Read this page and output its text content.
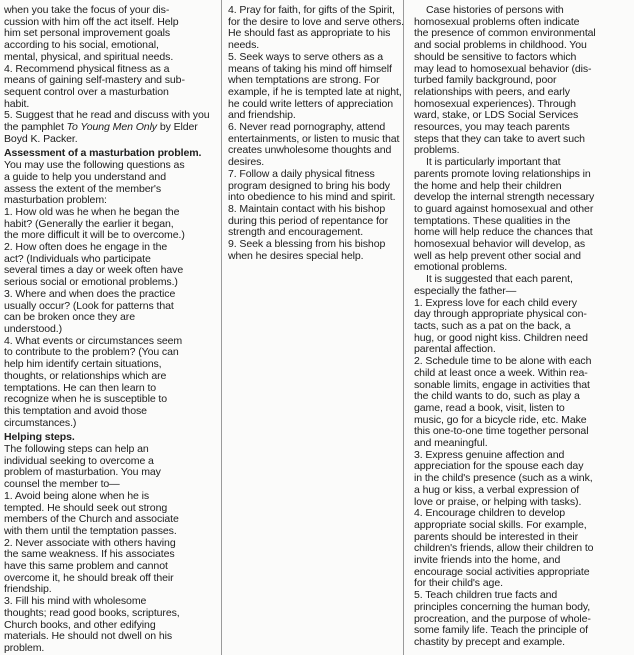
when you take the focus of your dis-

cussion with him off the act itself. Help

him set personal improvement goals

according to his social, emotional,

mental, physical, and spiritual needs.

4. Recommend physical fitness as a

means of gaining self-mastery and sub-

sequent control over a masturbation

habit.

5. Suggest that he read and discuss with you the pamphlet To Young Men Only by Elder Boyd K. Packer.

Assessment of a masturbation problem.

You may use the following questions as

a guide to help you understand and

assess the extent of the member's

masturbation problem:

1. How old was he when he began the

habit? (Generally the earlier it began,

the more difficult it will be to overcome.)

2. How often does he engage in the

act? (Individuals who participate

several times a day or week often have

serious social or emotional problems.)

3. Where and when does the practice

usually occur? (Look for patterns that

can be broken once they are

understood.)

4. What events or circumstances seem

to contribute to the problem? (You can

help him identify certain situations,

thoughts, or relationships which are

temptations. He can then learn to

recognize when he is susceptible to

this temptation and avoid those

circumstances.)

Helping steps.

The following steps can help an

individual seeking to overcome a

problem of masturbation. You may

counsel the member to—

1. Avoid being alone when he is

tempted. He should seek out strong

members of the Church and associate

with them until the temptation passes.

2. Never associate with others having

the same weakness. If his associates

have this same problem and cannot

overcome it, he should break off their

friendship.

3. Fill his mind with wholesome

thoughts; read good books, scriptures,

Church books, and other edifying

materials. He should not dwell on his

problem.

4. Pray for faith, for gifts of the Spirit,

for the desire to love and serve others.

He should fast as appropriate to his

needs.

5. Seek ways to serve others as a

means of taking his mind off himself

when temptations are strong. For

example, if he is tempted late at night,

he could write letters of appreciation

and friendship.

6. Never read pornography, attend

entertainments, or listen to music that

creates unwholesome thoughts and

desires.

7. Follow a daily physical fitness

program designed to bring his body

into obedience to his mind and spirit.

8. Maintain contact with his bishop

during this period of repentance for

strength and encouragement.

9. Seek a blessing from his bishop

when he desires special help.

Case histories of persons with

homosexual problems often indicate

the presence of common environmental

and social problems in childhood. You

should be sensitive to factors which

may lead to homosexual behavior (dis-

turbed family background, poor

relationships with peers, and early

homosexual experiences). Through

ward, stake, or LDS Social Services

resources, you may teach parents

steps that they can take to avert such

problems.

It is particularly important that

parents promote loving relationships in

the home and help their children

develop the internal strength necessary

to guard against homosexual and other

temptations. These qualities in the

home will help reduce the chances that

homosexual behavior will develop, as

well as help prevent other social and

emotional problems.

It is suggested that each parent,

especially the father—

1. Express love for each child every

day through appropriate physical con-

tacts, such as a pat on the back, a

hug, or good night kiss. Children need

parental affection.

2. Schedule time to be alone with each

child at least once a week. Within rea-

sonable limits, engage in activities that

the child wants to do, such as play a

game, read a book, visit, listen to

music, go for a bicycle ride, etc. Make

this one-to-one time together personal

and meaningful.

3. Express genuine affection and

appreciation for the spouse each day

in the child's presence (such as a wink,

a hug or kiss, a verbal expression of

love or praise, or helping with tasks).

4. Encourage children to develop

appropriate social skills. For example,

parents should be interested in their

children's friends, allow their children to

invite friends into the home, and

encourage social activities appropriate

for their child's age.

5. Teach children true facts and

principles concerning the human body,

procreation, and the purpose of whole-

some family life. Teach the principle of

chastity by precept and example.
